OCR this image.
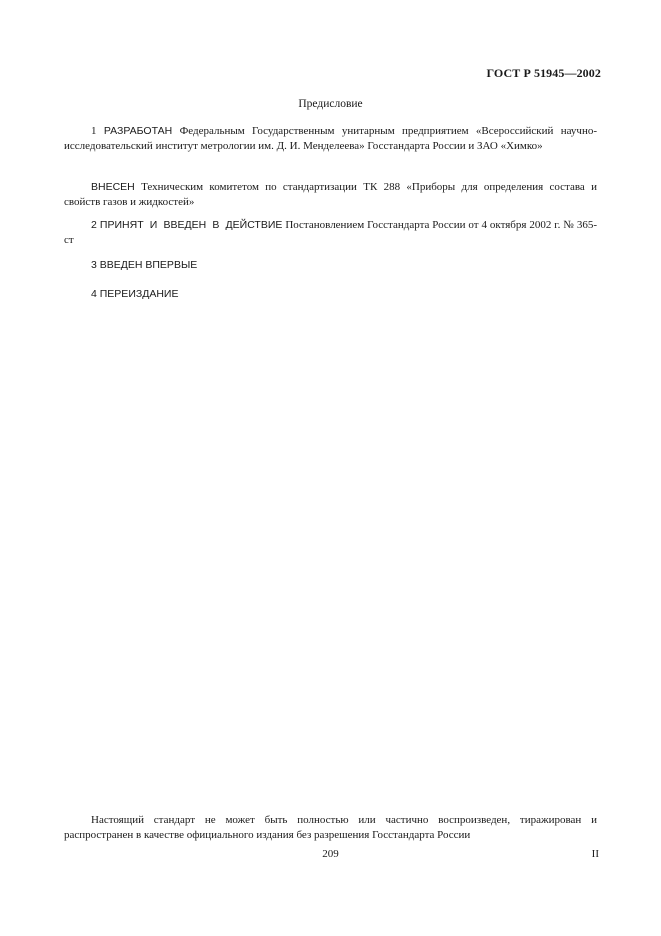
ГОСТ Р 51945—2002
Предисловие
1 РАЗРАБОТАН Федеральным Государственным унитарным предприятием «Всероссийский научно-исследовательский институт метрологии им. Д. И. Менделеева» Госстандарта России и ЗАО «Химко»
ВНЕСЕН Техническим комитетом по стандартизации ТК 288 «Приборы для определения состава и свойств газов и жидкостей»
2 ПРИНЯТ  И  ВВЕДЕН  В  ДЕЙСТВИЕ Постановлением Госстандарта России от 4 октября 2002 г. № 365-ст
3 ВВЕДЕН ВПЕРВЫЕ
4 ПЕРЕИЗДАНИЕ
Настоящий стандарт не может быть полностью или частично воспроизведен, тиражирован и распространен в качестве официального издания без разрешения Госстандарта России
209	II
